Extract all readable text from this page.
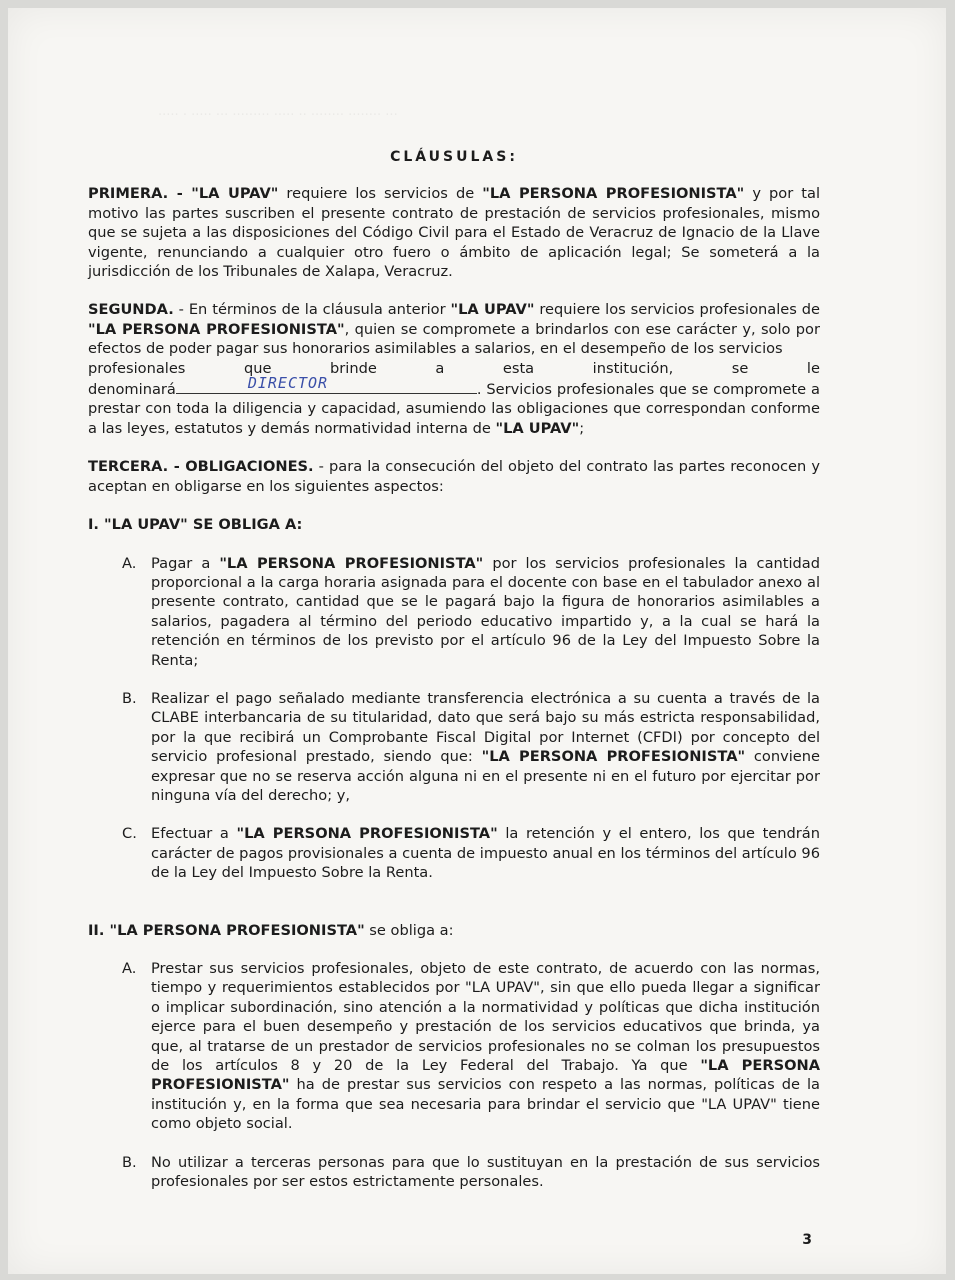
··· ········ ········ ·· ····· ········· ··· ····· · ·····
CLÁUSULAS:

PRIMERA. - "LA UPAV" requiere los servicios de "LA PERSONA PROFESIONISTA" y por tal motivo las partes suscriben el presente contrato de prestación de servicios profesionales, mismo que se sujeta a las disposiciones del Código Civil para el Estado de Veracruz de Ignacio de la Llave vigente, renunciando a cualquier otro fuero o ámbito de aplicación legal; Se someterá a la jurisdicción de los Tribunales de Xalapa, Veracruz.

SEGUNDA. - En términos de la cláusula anterior "LA UPAV" requiere los servicios profesionales de "LA PERSONA PROFESIONISTA", quien se compromete a brindarlos con ese carácter y, solo por efectos de poder pagar sus honorarios asimilables a salarios, en el desempeño de los servicios

profesionales	que	brinde	a	esta	institución,	se	le

denominará	DIRECTOR	. Servicios profesionales que se compromete a prestar con toda la diligencia y capacidad, asumiendo las obligaciones que correspondan conforme a las leyes, estatutos y demás normatividad interna de "LA UPAV";

TERCERA. - OBLIGACIONES. - para la consecución del objeto del contrato las partes reconocen y aceptan en obligarse en los siguientes aspectos:

I. "LA UPAV" SE OBLIGA A:
A. Pagar a "LA PERSONA PROFESIONISTA" por los servicios profesionales la cantidad proporcional a la carga horaria asignada para el docente con base en el tabulador anexo al presente contrato, cantidad que se le pagará bajo la figura de honorarios asimilables a salarios, pagadera al término del periodo educativo impartido y, a la cual se hará la retención en términos de los previsto por el artículo 96 de la Ley del Impuesto Sobre la Renta;
B. Realizar el pago señalado mediante transferencia electrónica a su cuenta a través de la CLABE interbancaria de su titularidad, dato que será bajo su más estricta responsabilidad, por la que recibirá un Comprobante Fiscal Digital por Internet (CFDI) por concepto del servicio profesional prestado, siendo que: "LA PERSONA PROFESIONISTA" conviene expresar que no se reserva acción alguna ni en el presente ni en el futuro por ejercitar por ninguna vía del derecho; y,
C. Efectuar a "LA PERSONA PROFESIONISTA" la retención y el entero, los que tendrán carácter de pagos provisionales a cuenta de impuesto anual en los términos del artículo 96 de la Ley del Impuesto Sobre la Renta.
II. "LA PERSONA PROFESIONISTA" se obliga a:
A. Prestar sus servicios profesionales, objeto de este contrato, de acuerdo con las normas, tiempo y requerimientos establecidos por "LA UPAV", sin que ello pueda llegar a significar o implicar subordinación, sino atención a la normatividad y políticas que dicha institución ejerce para el buen desempeño y prestación de los servicios educativos que brinda, ya que, al tratarse de un prestador de servicios profesionales no se colman los presupuestos de los artículos 8 y 20 de la Ley Federal del Trabajo. Ya que "LA PERSONA PROFESIONISTA" ha de prestar sus servicios con respeto a las normas, políticas de la institución y, en la forma que sea necesaria para brindar el servicio que "LA UPAV" tiene como objeto social.
B. No utilizar a terceras personas para que lo sustituyan en la prestación de sus servicios profesionales por ser estos estrictamente personales.
3
